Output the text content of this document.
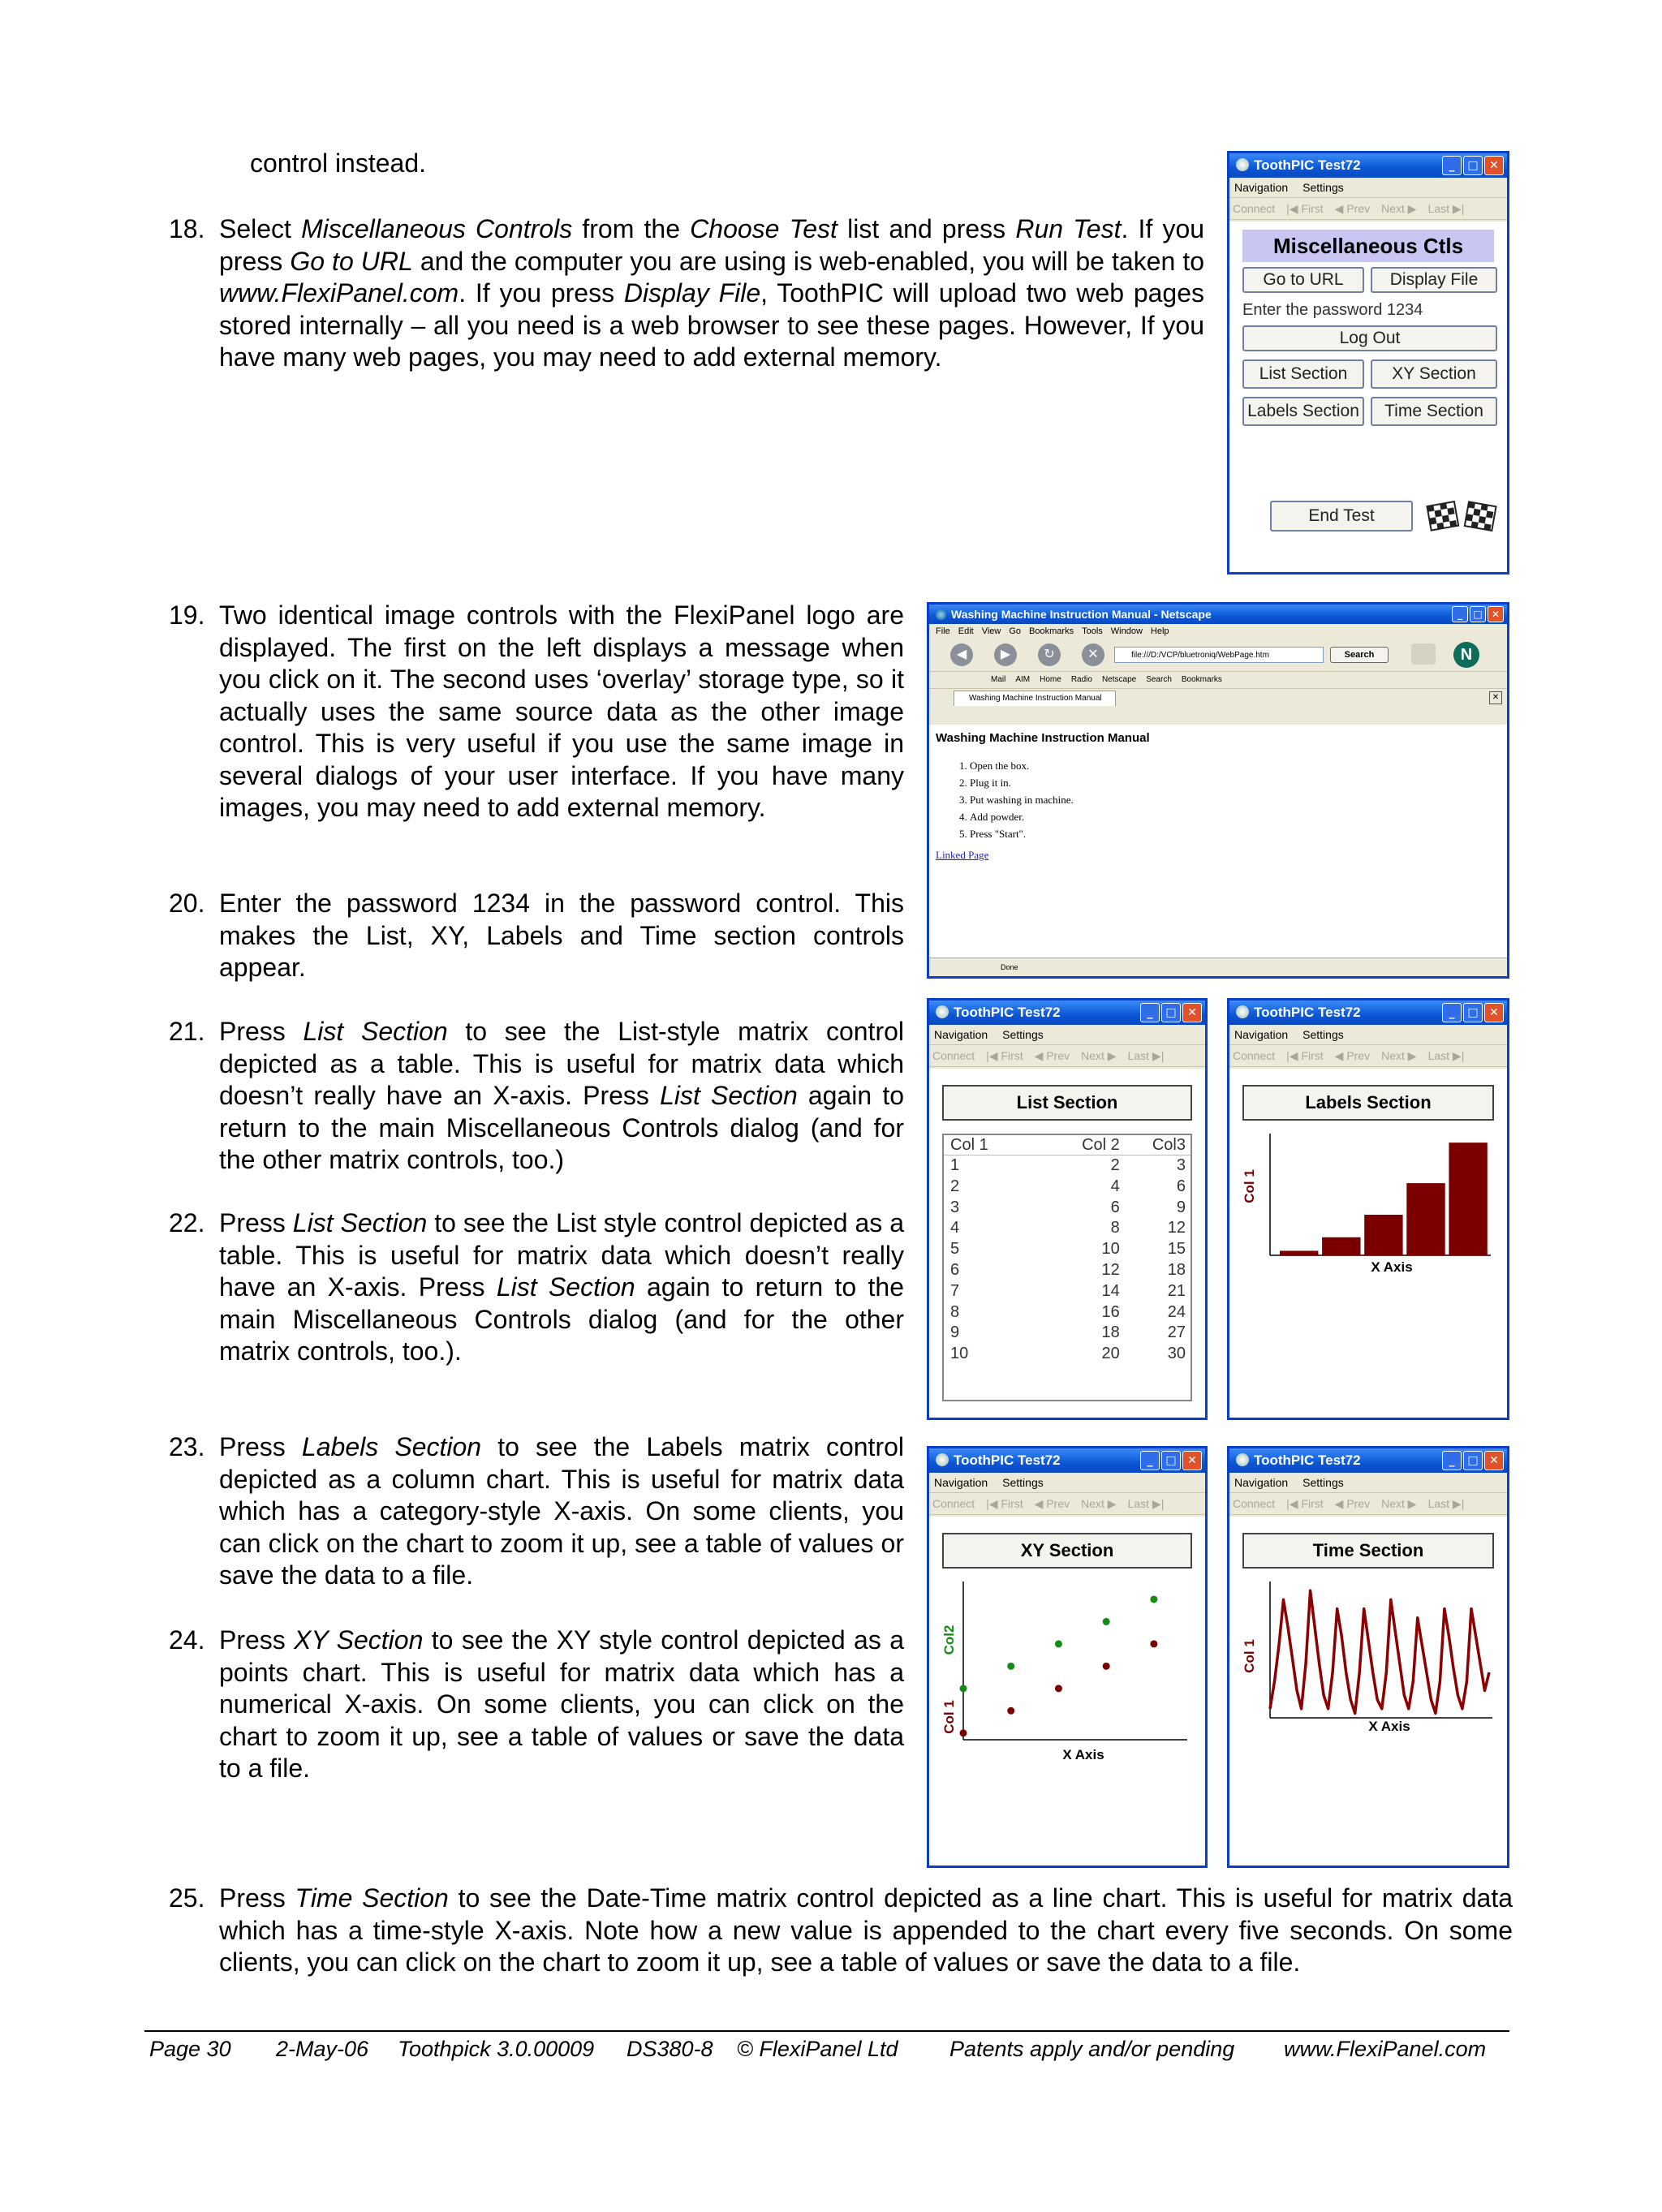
control instead.
18. Select Miscellaneous Controls from the Choose Test list and press Run Test. If you press Go to URL and the computer you are using is web-enabled, you will be taken to www.FlexiPanel.com. If you press Display File, ToothPIC will upload two web pages stored internally – all you need is a web browser to see these pages. However, If you have many web pages, you may need to add external memory.
19. Two identical image controls with the FlexiPanel logo are displayed. The first on the left displays a message when you click on it. The second uses ‘overlay’ storage type, so it actually uses the same source data as the other image control. This is very useful if you use the same image in several dialogs of your user interface. If you have many images, you may need to add external memory.
20. Enter the password 1234 in the password control. This makes the List, XY, Labels and Time section controls appear.
21. Press List Section to see the List-style matrix control depicted as a table. This is useful for matrix data which doesn’t really have an X-axis. Press List Section again to return to the main Miscellaneous Controls dialog (and for the other matrix controls, too.)
22. Press List Section to see the List style control depicted as a table. This is useful for matrix data which doesn’t really have an X-axis. Press List Section again to return to the main Miscellaneous Controls dialog (and for the other matrix controls, too.).
23. Press Labels Section to see the Labels matrix control depicted as a column chart. This is useful for matrix data which has a category-style X-axis. On some clients, you can click on the chart to zoom it up, see a table of values or save the data to a file.
24. Press XY Section to see the XY style control depicted as a points chart. This is useful for matrix data which has a numerical X-axis. On some clients, you can click on the chart to zoom it up, see a table of values or save the data to a file.
25. Press Time Section to see the Date-Time matrix control depicted as a line chart. This is useful for matrix data which has a time-style X-axis. Note how a new value is appended to the chart every five seconds. On some clients, you can click on the chart to zoom it up, see a table of values or save the data to a file.
ToothPIC Test72	_	□ ✕
Navigation Settings
Connect |◀ First ◀ Prev Next ▶ Last ▶|
Miscellaneous Ctls
Go to URL	Display File
Enter the password 1234
Log Out
List Section	XY Section
Labels Section	Time Section
End Test
Washing Machine Instruction Manual - Netscape	_	□ ✕
File Edit View Go Bookmarks Tools Window Help
◀	▶	↻	✕	file:///D:/VCP/bluetroniq/WebPage.htm	Search	N
Mail AIM Home Radio Netscape Search Bookmarks
Washing Machine Instruction Manual	✕
Washing Machine Instruction Manual
1. Open the box.
2. Plug it in.
3. Put washing in machine.
4. Add powder.
5. Press "Start".
Linked Page
Done
ToothPIC Test72	_	□ ✕
Navigation Settings
Connect |◀ First ◀ Prev Next ▶ Last ▶|
List Section
Col 1	Col 2	Col3
1	2	3
2	4	6
3	6	9
4	8	12
5	10	15
6	12	18
7	14	21
8	16	24
9	18	27
10	20	30
ToothPIC Test72	_	□ ✕
Navigation Settings
Connect |◀ First ◀ Prev Next ▶ Last ▶|
Labels Section
X Axis
Col 1
ToothPIC Test72	_	□ ✕
Navigation Settings
Connect |◀ First ◀ Prev Next ▶ Last ▶|
XY Section
X Axis
Col 1
Col2
ToothPIC Test72	_	□ ✕
Navigation Settings
Connect |◀ First ◀ Prev Next ▶ Last ▶|
Time Section
X Axis
Col 1
Page 30 2-May-06 Toothpick 3.0.00009 DS380-8 © FlexiPanel Ltd Patents apply and/or pending www.FlexiPanel.com
